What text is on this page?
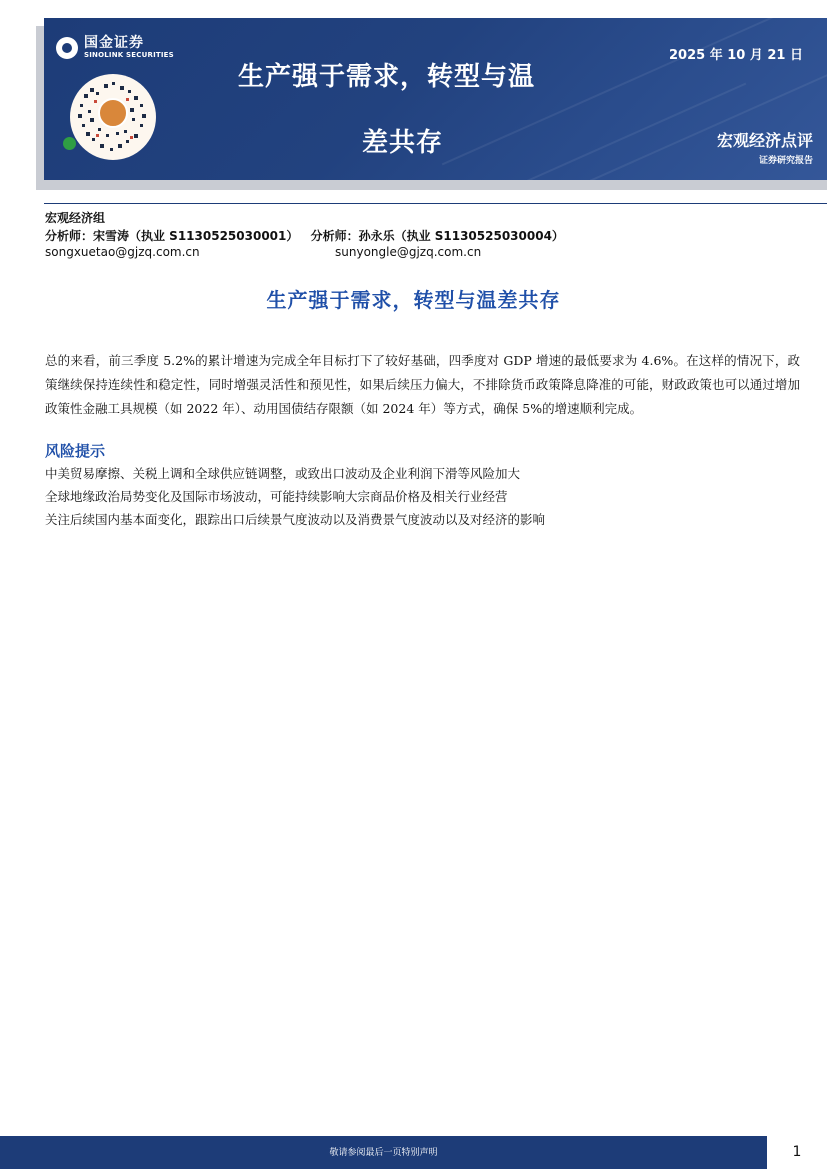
国金证券
SINOLINK SECURITIES
生产强于需求，转型与温
差共存
2025 年 10 月 21 日
宏观经济点评
证券研究报告
宏观经济组
分析师：宋雪涛（执业 S1130525030001） 分析师：孙永乐（执业 S1130525030004）
songxuetao@gjzq.com.cn	sunyongle@gjzq.com.cn
生产强于需求，转型与温差共存

总的来看，前三季度 5.2%的累计增速为完成全年目标打下了较好基础，四季度对 GDP 增速的最低要求为 4.6%。在这样的情况下，政策继续保持连续性和稳定性，同时增强灵活性和预见性，如果后续压力偏大，不排除货币政策降息降准的可能，财政政策也可以通过增加政策性金融工具规模（如 2022 年）、动用国债结存限额（如 2024 年）等方式，确保 5%的增速顺利完成。

风险提示
中美贸易摩擦、关税上调和全球供应链调整，或致出口波动及企业利润下滑等风险加大
全球地缘政治局势变化及国际市场波动，可能持续影响大宗商品价格及相关行业经营
关注后续国内基本面变化，跟踪出口后续景气度波动以及消费景气度波动以及对经济的影响
敬请参阅最后一页特别声明	1
